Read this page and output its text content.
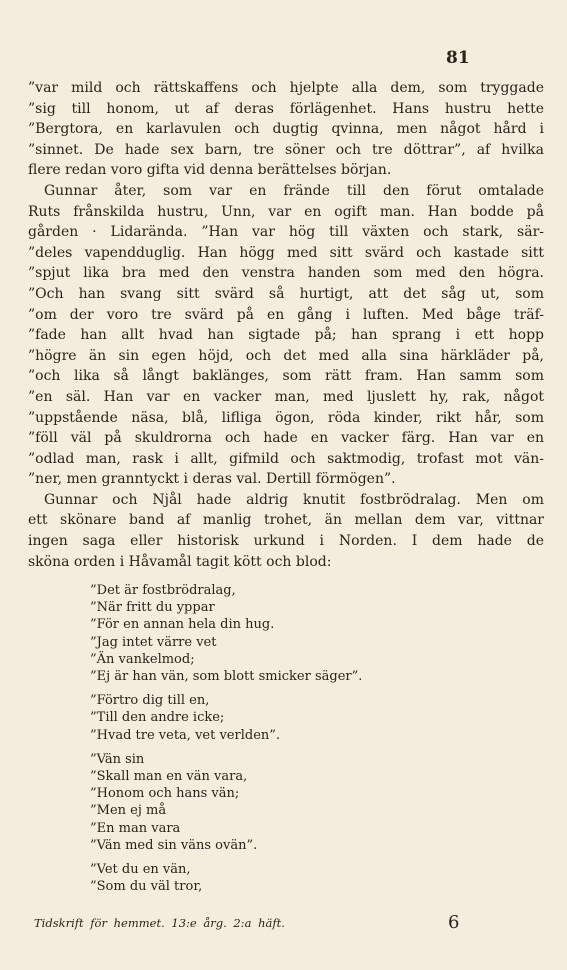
81
”var mild och rättskaffens och hjelpte alla dem, som tryggade
”sig till honom, ut af deras förlägenhet. Hans hustru hette
”Bergtora, en karlavulen och dugtig qvinna, men något hård i
”sinnet. De hade sex barn, tre söner och tre döttrar”, af hvilka
flere redan voro gifta vid denna berättelses början.
Gunnar åter, som var en frände till den förut omtalade
Ruts frånskilda hustru, Unn, var en ogift man. Han bodde på
gården · Lidarända. ”Han var hög till växten och stark, sär-
”deles vapendduglig. Han högg med sitt svärd och kastade sitt
”spjut lika bra med den venstra handen som med den högra.
”Och han svang sitt svärd så hurtigt, att det såg ut, som
”om der voro tre svärd på en gång i luften. Med båge träf-
”fade han allt hvad han sigtade på; han sprang i ett hopp
”högre än sin egen höjd, och det med alla sina härkläder på,
”och lika så långt baklänges, som rätt fram. Han samm som
”en säl. Han var en vacker man, med ljuslett hy, rak, något
”uppstående näsa, blå, lifliga ögon, röda kinder, rikt hår, som
”föll väl på skuldrorna och hade en vacker färg. Han var en
”odlad man, rask i allt, gifmild och saktmodig, trofast mot vän-
”ner, men granntyckt i deras val. Dertill förmögen”.
Gunnar och Njål hade aldrig knutit fostbrödralag. Men om
ett skönare band af manlig trohet, än mellan dem var, vittnar
ingen saga eller historisk urkund i Norden. I dem hade de
sköna orden i Håvamål tagit kött och blod:
”Det är fostbrödralag,
”När fritt du yppar
”För en annan hela din hug.
”Jag intet värre vet
”Än vankelmod;
”Ej är han vän, som blott smicker säger”.
”Förtro dig till en,
”Till den andre icke;
”Hvad tre veta, vet verlden”.
”Vän sin
”Skall man en vän vara,
”Honom och hans vän;
”Men ej må
”En man vara
”Vän med sin väns ovän”.
”Vet du en vän,
”Som du väl tror,
Tidskrift för hemmet. 13:e årg. 2:a häft.	6
